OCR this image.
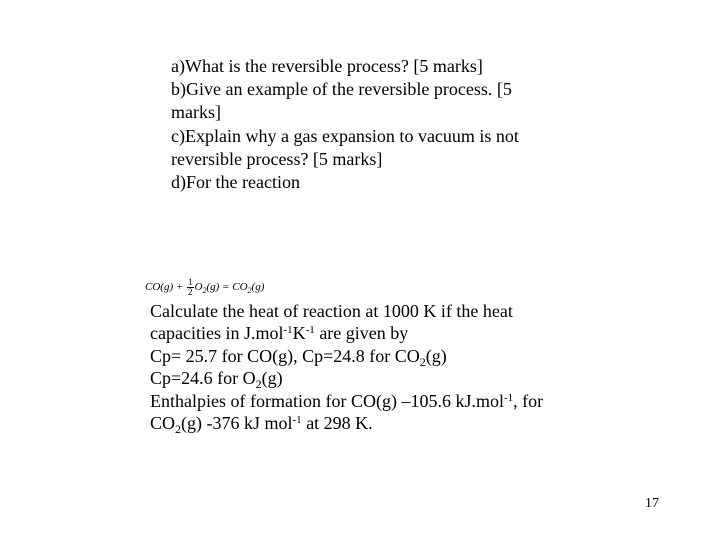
a)What is the reversible process? [5 marks]

b)Give an example of the reversible process. [5

marks]

c)Explain why a gas expansion to vacuum is not

reversible process? [5 marks]

d)For the reaction

$CO(g) + \frac{1}{2} O_2(g) = CO_2(g)$

Calculate the heat of reaction at 1000 K if the heat

capacities in $J.mol^{-1}K^{-1}$ are given by

Cp= 25.7 for CO(g), Cp=24.8 for $CO_2(g)$

Cp=24.6 for $O_2(g)$

Enthalpies of formation for CO(g) –105.6 kJ.mol$^{-1}$, for

$CO_2(g)$ -376 kJ mol$^{-1}$ at 298 K.

17
